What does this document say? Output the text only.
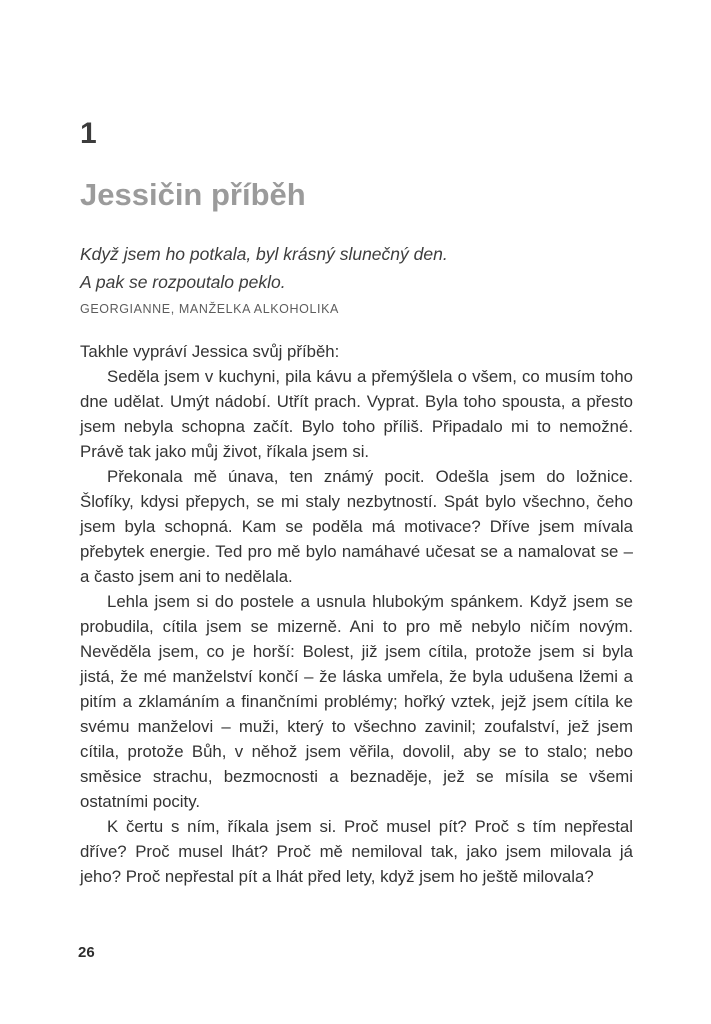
1
Jessičin příběh
Když jsem ho potkala, byl krásný slunečný den.
A pak se rozpoutalo peklo.
GEORGIANNE, MANŽELKA ALKOHOLIKA

Takhle vypráví Jessica svůj příběh:

Seděla jsem v kuchyni, pila kávu a přemýšlela o všem, co musím toho dne udělat. Umýt nádobí. Utřít prach. Vyprat. Byla toho spousta, a přesto jsem nebyla schopna začít. Bylo toho příliš. Připadalo mi to nemožné. Právě tak jako můj život, říkala jsem si.

Překonala mě únava, ten známý pocit. Odešla jsem do ložnice. Šlofíky, kdysi přepych, se mi staly nezbytností. Spát bylo všechno, čeho jsem byla schopná. Kam se poděla má motivace? Dříve jsem mívala přebytek energie. Ted pro mě bylo namáhavé učesat se a namalovat se – a často jsem ani to nedělala.

Lehla jsem si do postele a usnula hlubokým spánkem. Když jsem se probudila, cítila jsem se mizerně. Ani to pro mě nebylo ničím novým. Nevěděla jsem, co je horší: Bolest, již jsem cítila, protože jsem si byla jistá, že mé manželství končí – že láska umřela, že byla udušena lžemi a pitím a zklamáním a finančními problémy; hořký vztek, jejž jsem cítila ke svému manželovi – muži, který to všechno zavinil; zoufalství, jež jsem cítila, protože Bůh, v něhož jsem věřila, dovolil, aby se to stalo; nebo směsice strachu, bezmocnosti a beznaděje, jež se mísila se všemi ostatními pocity.

K čertu s ním, říkala jsem si. Proč musel pít? Proč s tím nepřestal dříve? Proč musel lhát? Proč mě nemiloval tak, jako jsem milovala já jeho? Proč nepřestal pít a lhát před lety, když jsem ho ještě milovala?

26
